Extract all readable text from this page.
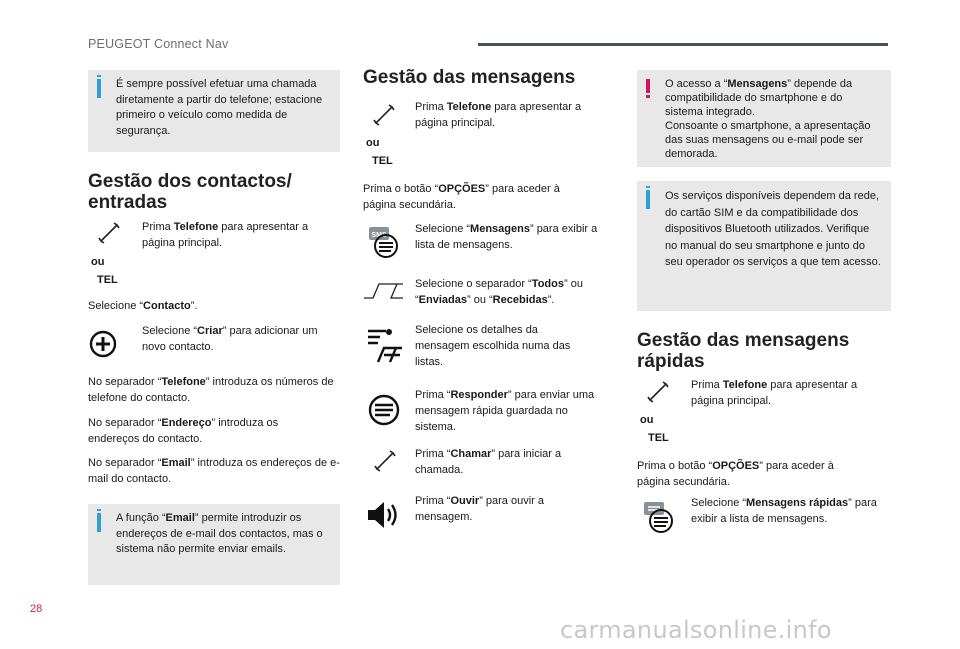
PEUGEOT Connect Nav
É sempre possível efetuar uma chamada diretamente a partir do telefone; estacione primeiro o veículo como medida de segurança.
Gestão dos contactos/
entradas
ou
TEL
Prima Telefone para apresentar a página principal.
Selecione “Contacto”.
Selecione “Criar” para adicionar um novo contacto.
No separador “Telefone” introduza os números de telefone do contacto.
No separador “Endereço” introduza os endereços do contacto.
No separador “Email” introduza os endereços de e-mail do contacto.
A função “Email” permite introduzir os endereços de e-mail dos contactos, mas o sistema não permite enviar emails.
Gestão das mensagens
ou
TEL
Prima Telefone para apresentar a página principal.
Prima o botão “OPÇÕES” para aceder à página secundária.
SMS
Selecione “Mensagens” para exibir a lista de mensagens.
Selecione o separador “Todos” ou “Enviadas” ou “Recebidas”.
Selecione os detalhes da mensagem escolhida numa das listas.
Prima “Responder” para enviar uma mensagem rápida guardada no sistema.
Prima “Chamar” para iniciar a chamada.
Prima “Ouvir” para ouvir a mensagem.
O acesso a “Mensagens” depende da compatibilidade do smartphone e do sistema integrado.
Consoante o smartphone, a apresentação das suas mensagens ou e-mail pode ser demorada.
Os serviços disponíveis dependem da rede, do cartão SIM e da compatibilidade dos dispositivos Bluetooth utilizados. Verifique no manual do seu smartphone e junto do seu operador os serviços a que tem acesso.
Gestão das mensagens
rápidas
ou
TEL
Prima Telefone para apresentar a página principal.
Prima o botão “OPÇÕES” para aceder à página secundária.
Selecione “Mensagens rápidas” para exibir a lista de mensagens.
28
carmanualsonline.info
